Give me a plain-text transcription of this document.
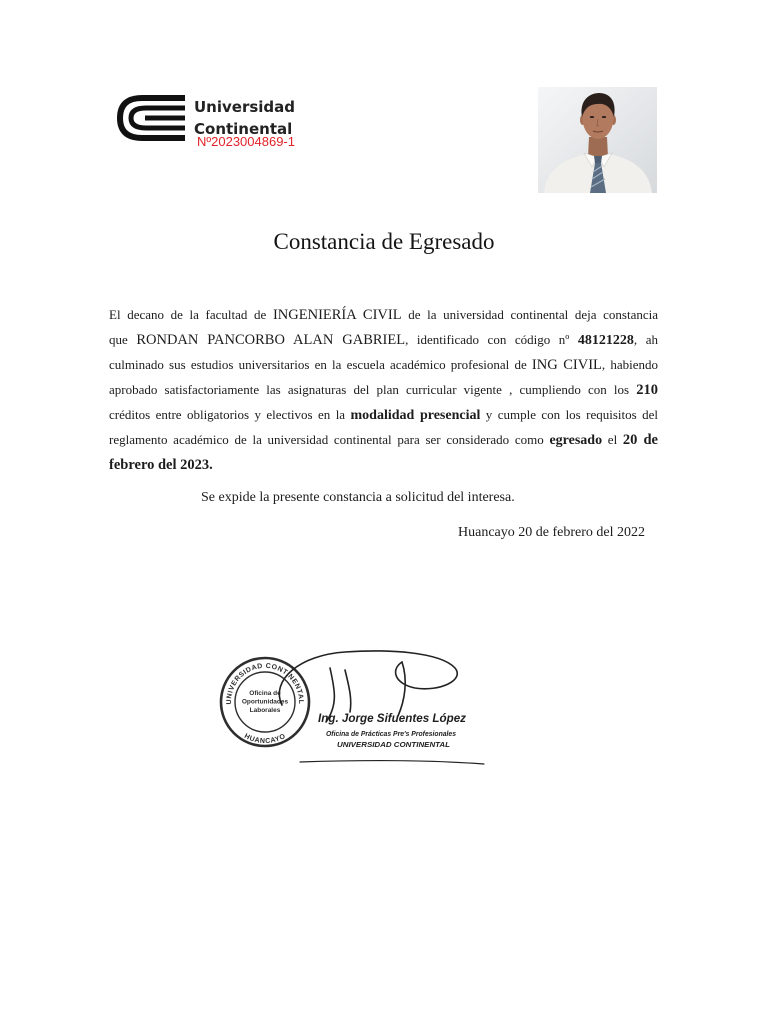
Universidad
Continental
Nº2023004869-1
Constancia de Egresado
El decano de la facultad de INGENIERÍA CIVIL de la universidad continental deja constancia
que RONDAN PANCORBO ALAN GABRIEL, identificado con código nº 48121228, ah
culminado sus estudios universitarios en la escuela académico profesional de ING CIVIL, habiendo
aprobado satisfactoriamente las asignaturas del plan curricular vigente , cumpliendo con los 210
créditos entre obligatorios y electivos en la modalidad presencial y cumple con los requisitos del
reglamento académico de la universidad continental para ser considerado como egresado el 20 de
febrero del 2023.
Se expide la presente constancia a solicitud del interesa.
Huancayo 20 de febrero del 2022
UNIVERSIDAD CONTINENTAL
HUANCAYO
Oficina de
Oportunidades
Laborales
Ing. Jorge Sifuentes López
Oficina de Prácticas Pre's Profesionales
UNIVERSIDAD CONTINENTAL
